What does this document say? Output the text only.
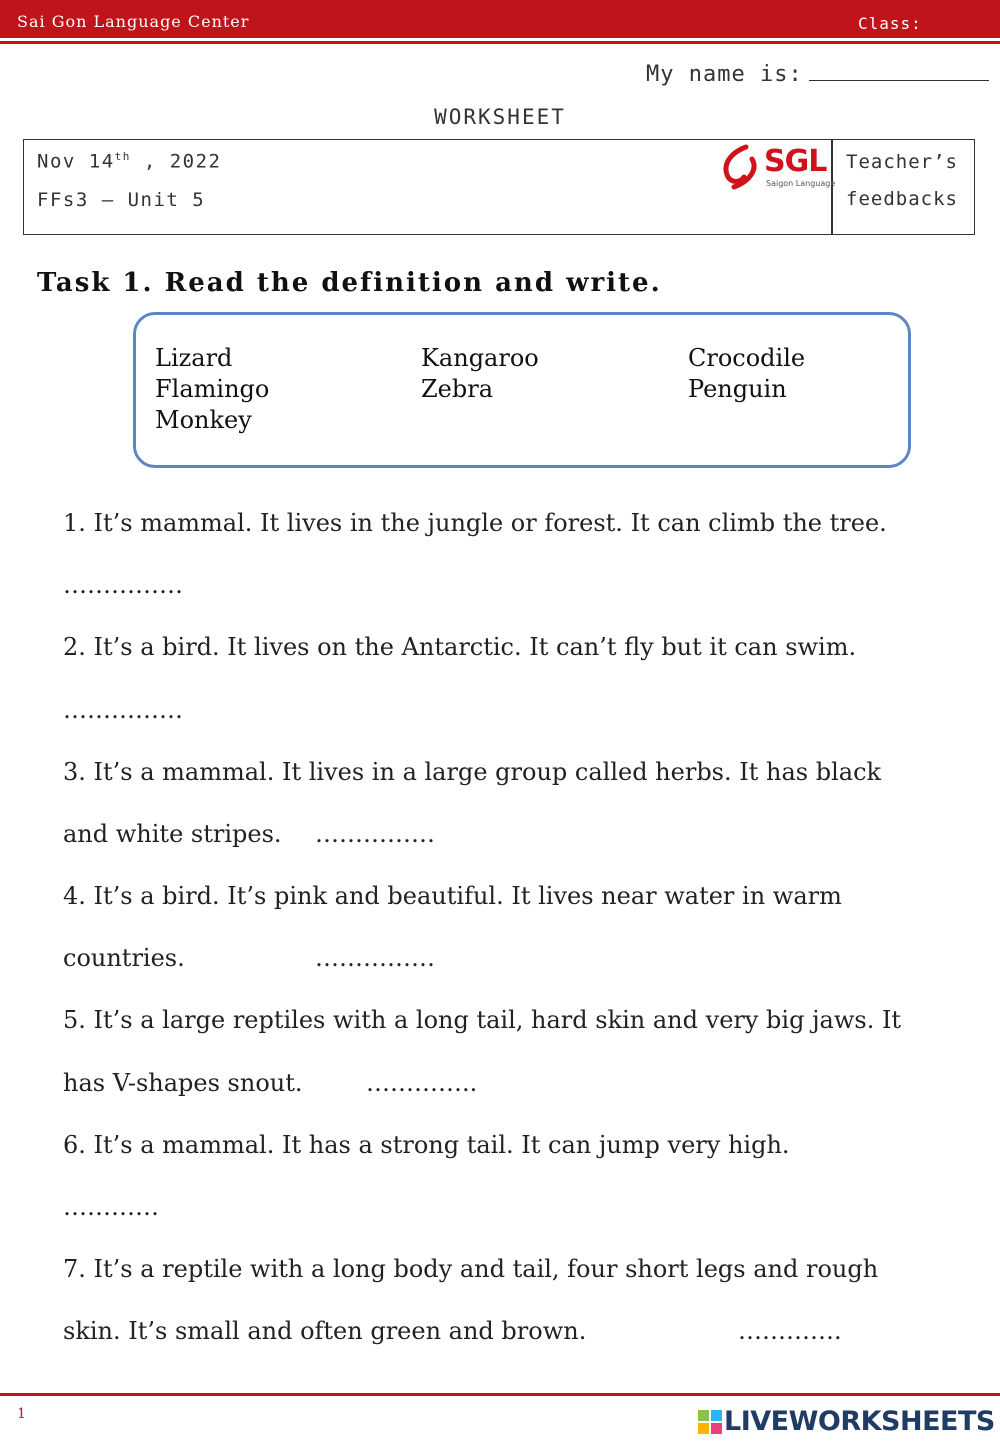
Sai Gon Language Center	Class:
My name is:
WORKSHEET
Nov 14th , 2022
FFs3 – Unit 5
Teacher’s
feedbacks
SGL
Saigon Language
Task 1. Read the definition and write.
Lizard	Kangaroo	Crocodile
Flamingo	Zebra	Penguin
Monkey
1. It’s mammal. It lives in the jungle or forest. It can climb the tree.
……………
2. It’s a bird. It lives on the Antarctic. It can’t fly but it can swim.
……………
3. It’s a mammal. It lives in a large group called herbs. It has black
and white stripes. ……………
4. It’s a bird. It’s pink and beautiful. It lives near water in warm
countries.	……………
5. It’s a large reptiles with a long tail, hard skin and very big jaws. It
has V-shapes snout.	…………..
6. It’s a mammal. It has a strong tail. It can jump very high.
…………
7. It’s a reptile with a long body and tail, four short legs and rough
skin. It’s small and often green and brown.	………….
1	LIVEWORKSHEETS
